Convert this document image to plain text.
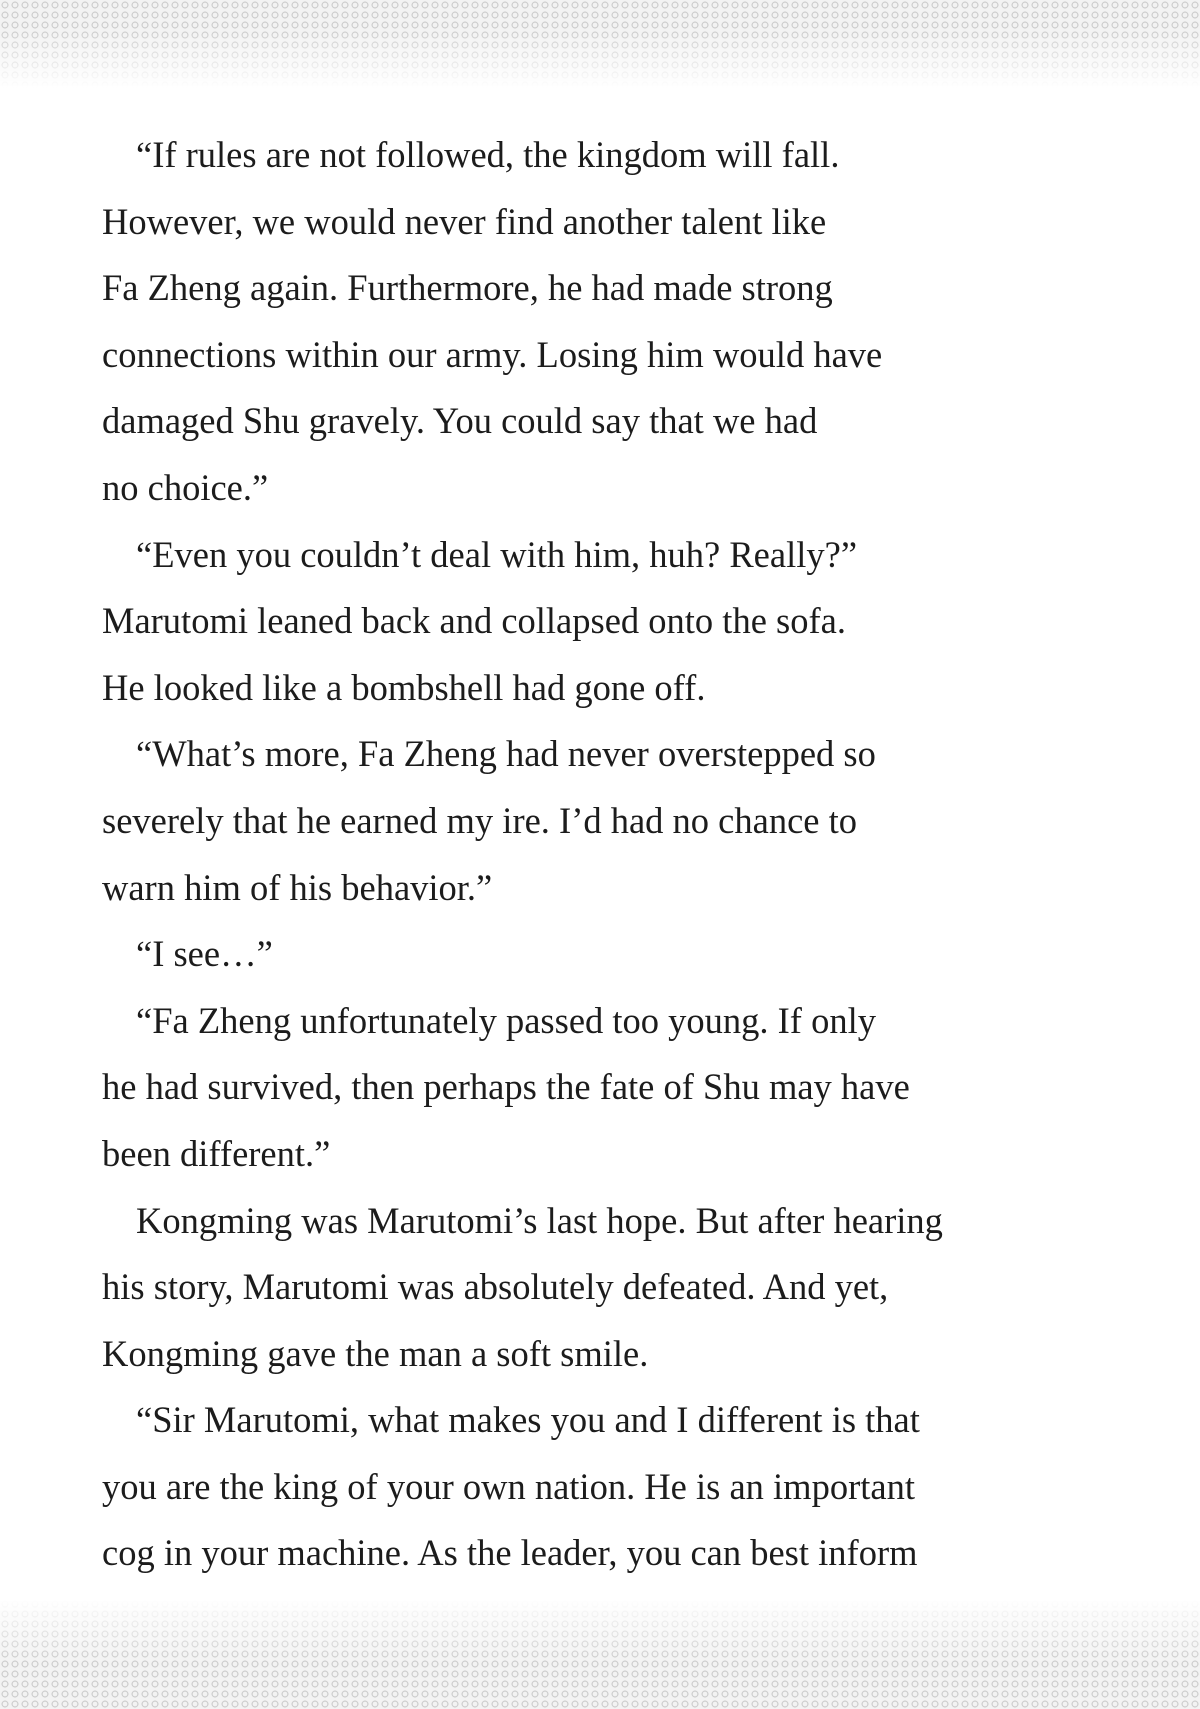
“If rules are not followed, the kingdom will fall.
However, we would never find another talent like
Fa Zheng again. Furthermore, he had made strong
connections within our army. Losing him would have
damaged Shu gravely. You could say that we had
no choice.”
“Even you couldn’t deal with him, huh? Really?”
Marutomi leaned back and collapsed onto the sofa.
He looked like a bombshell had gone off.
“What’s more, Fa Zheng had never overstepped so
severely that he earned my ire. I’d had no chance to
warn him of his behavior.”
“I see…”
“Fa Zheng unfortunately passed too young. If only
he had survived, then perhaps the fate of Shu may have
been different.”
Kongming was Marutomi’s last hope. But after hearing
his story, Marutomi was absolutely defeated. And yet,
Kongming gave the man a soft smile.
“Sir Marutomi, what makes you and I different is that
you are the king of your own nation. He is an important
cog in your machine. As the leader, you can best inform
